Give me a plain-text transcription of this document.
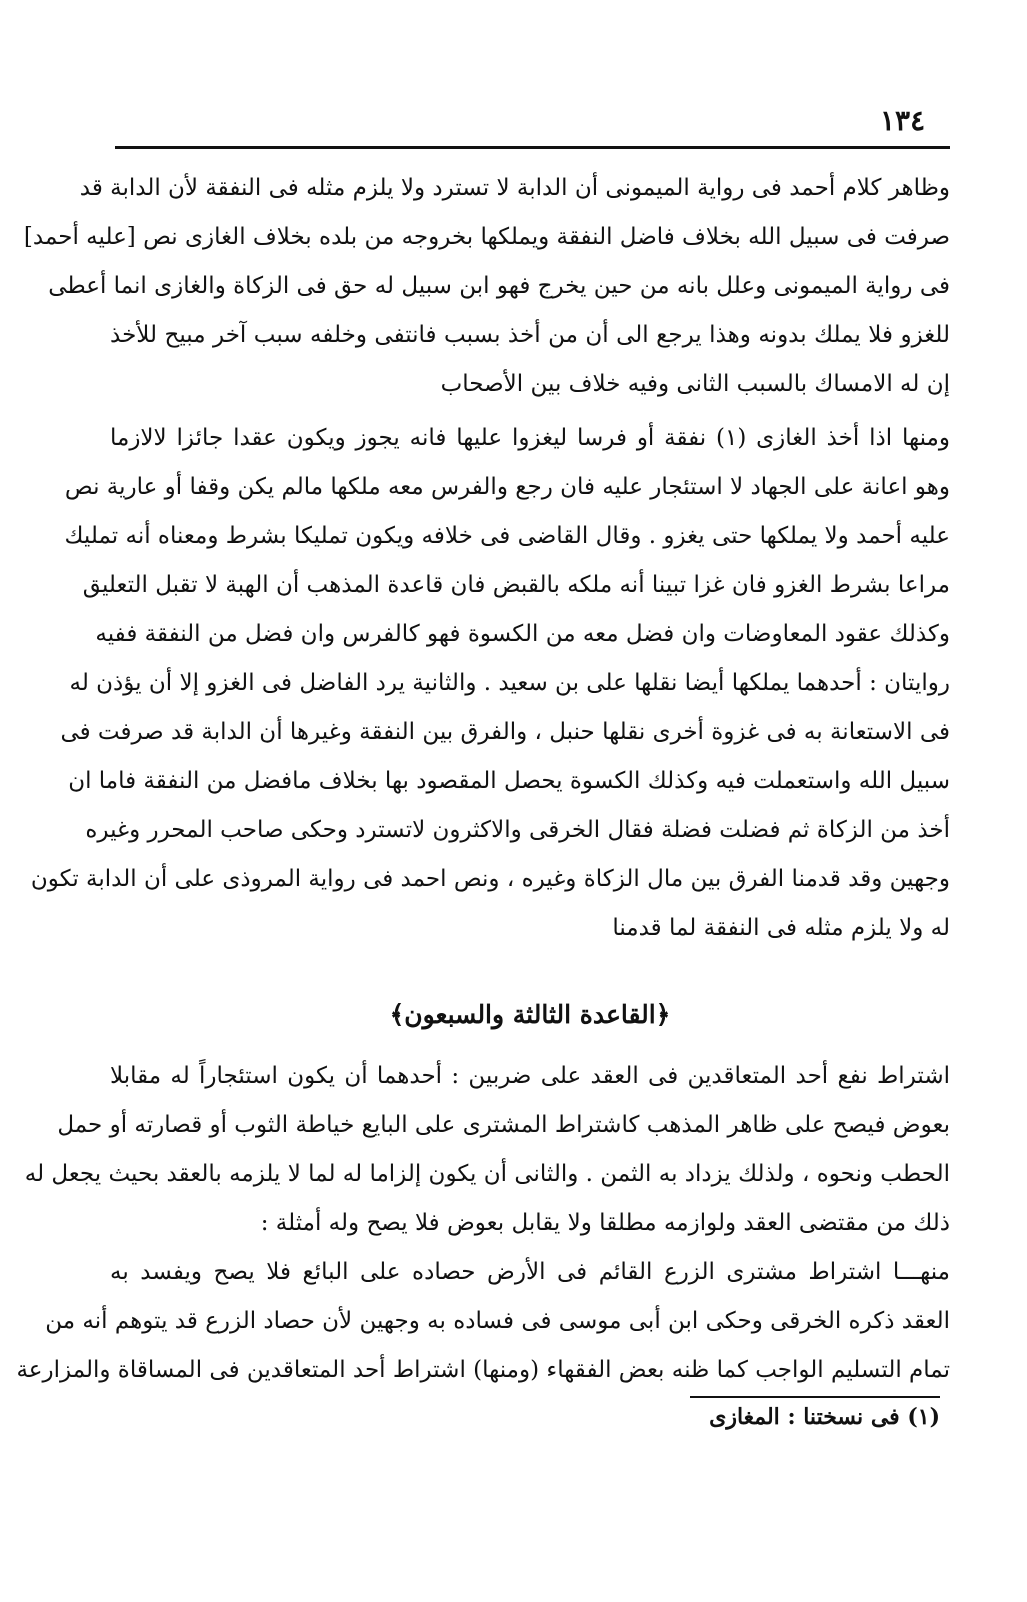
١٣٤
وظاهر كلام أحمد فى رواية الميمونى أن الدابة لا تسترد ولا يلزم مثله فى النفقة لأن الدابة قد
صرفت فى سبيل الله بخلاف فاضل النفقة ويملكها بخروجه من بلده بخلاف الغازى نص [عليه أحمد]
فى رواية الميمونى وعلل بانه من حين يخرج فهو ابن سبيل له حق فى الزكاة والغازى انما أعطى
للغزو فلا يملك بدونه وهذا يرجع الى أن من أخذ بسبب فانتفى وخلفه سبب آخر مبيح للأخذ
إن له الامساك بالسبب الثانى وفيه خلاف بين الأصحاب
ومنها اذا أخذ الغازى (١) نفقة أو فرسا ليغزوا عليها فانه يجوز ويكون عقدا جائزا لالازما
وهو اعانة على الجهاد لا استئجار عليه فان رجع والفرس معه ملكها مالم يكن وقفا أو عارية نص
عليه أحمد ولا يملكها حتى يغزو . وقال القاضى فى خلافه ويكون تمليكا بشرط ومعناه أنه تمليك
مراعا بشرط الغزو فان غزا تبينا أنه ملكه بالقبض فان قاعدة المذهب أن الهبة لا تقبل التعليق
وكذلك عقود المعاوضات وان فضل معه من الكسوة فهو كالفرس وان فضل من النفقة ففيه
روايتان : أحدهما يملكها أيضا نقلها على بن سعيد . والثانية يرد الفاضل فى الغزو إلا أن يؤذن له
فى الاستعانة به فى غزوة أخرى نقلها حنبل ، والفرق بين النفقة وغيرها أن الدابة قد صرفت فى
سبيل الله واستعملت فيه وكذلك الكسوة يحصل المقصود بها بخلاف مافضل من النفقة فاما ان
أخذ من الزكاة ثم فضلت فضلة فقال الخرقى والاكثرون لاتسترد وحكى صاحب المحرر وغيره
وجهين وقد قدمنا الفرق بين مال الزكاة وغيره ، ونص احمد فى رواية المروذى على أن الدابة تكون
له ولا يلزم مثله فى النفقة لما قدمنا
﴿القاعدة الثالثة والسبعون﴾
اشتراط نفع أحد المتعاقدين فى العقد على ضربين : أحدهما أن يكون استئجاراً له مقابلا
بعوض فيصح على ظاهر المذهب كاشتراط المشترى على البايع خياطة الثوب أو قصارته أو حمل
الحطب ونحوه ، ولذلك يزداد به الثمن . والثانى أن يكون إلزاما له لما لا يلزمه بالعقد بحيث يجعل له
ذلك من مقتضى العقد ولوازمه مطلقا ولا يقابل بعوض فلا يصح وله أمثلة :
منهـــا اشتراط مشترى الزرع القائم فى الأرض حصاده على البائع فلا يصح ويفسد به
العقد ذكره الخرقى وحكى ابن أبى موسى فى فساده به وجهين لأن حصاد الزرع قد يتوهم أنه من
تمام التسليم الواجب كما ظنه بعض الفقهاء (ومنها) اشتراط أحد المتعاقدين فى المساقاة والمزارعة
(١) فى نسختنا : المغازى
